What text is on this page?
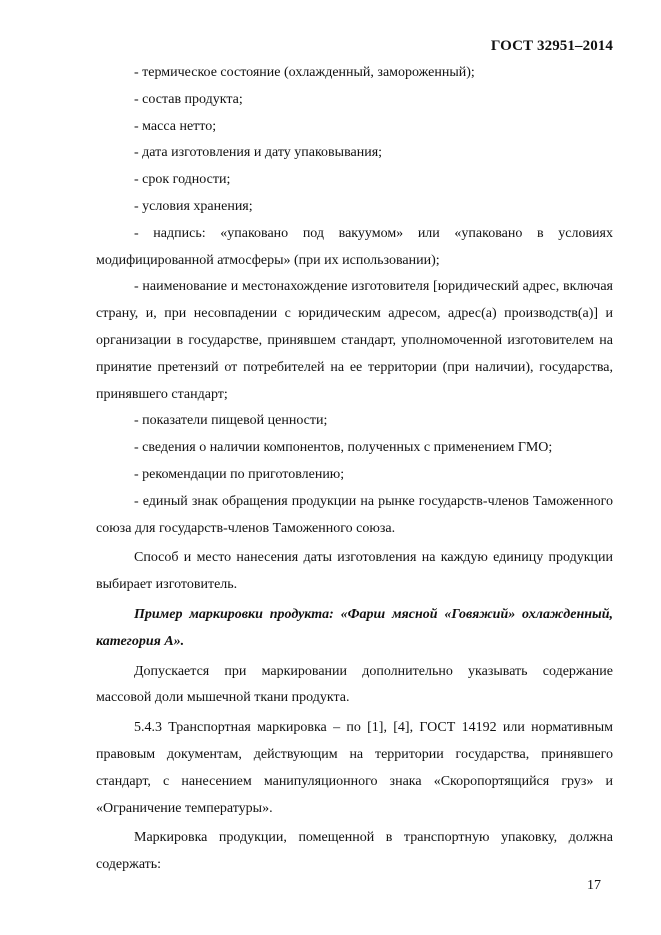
ГОСТ 32951–2014

- термическое состояние (охлажденный, замороженный);

- состав продукта;

- масса нетто;

- дата изготовления и дату упаковывания;

- срок годности;

- условия хранения;

- надпись: «упаковано под вакуумом» или «упаковано в условиях модифицированной атмосферы» (при их использовании);

- наименование и местонахождение изготовителя [юридический адрес, включая страну, и, при несовпадении с юридическим адресом, адрес(а) производств(а)] и организации в государстве, принявшем стандарт, уполномоченной изготовителем на принятие претензий от потребителей на ее территории (при наличии), государства, принявшего стандарт;

- показатели пищевой ценности;

- сведения о наличии компонентов, полученных с применением ГМО;

- рекомендации по приготовлению;

- единый знак обращения продукции на рынке государств-членов Таможенного союза для государств-членов Таможенного союза.

Способ и место нанесения даты изготовления на каждую единицу продукции выбирает изготовитель.

Пример маркировки продукта: «Фарш мясной «Говяжий» охлажденный, категория А».

Допускается при маркировании дополнительно указывать содержание массовой доли мышечной ткани продукта.

5.4.3 Транспортная маркировка – по [1], [4], ГОСТ 14192 или нормативным правовым документам, действующим на территории государства, принявшего стандарт, с нанесением манипуляционного знака «Скоропортящийся груз» и «Ограничение температуры».

Маркировка продукции, помещенной в транспортную упаковку, должна содержать:

17
